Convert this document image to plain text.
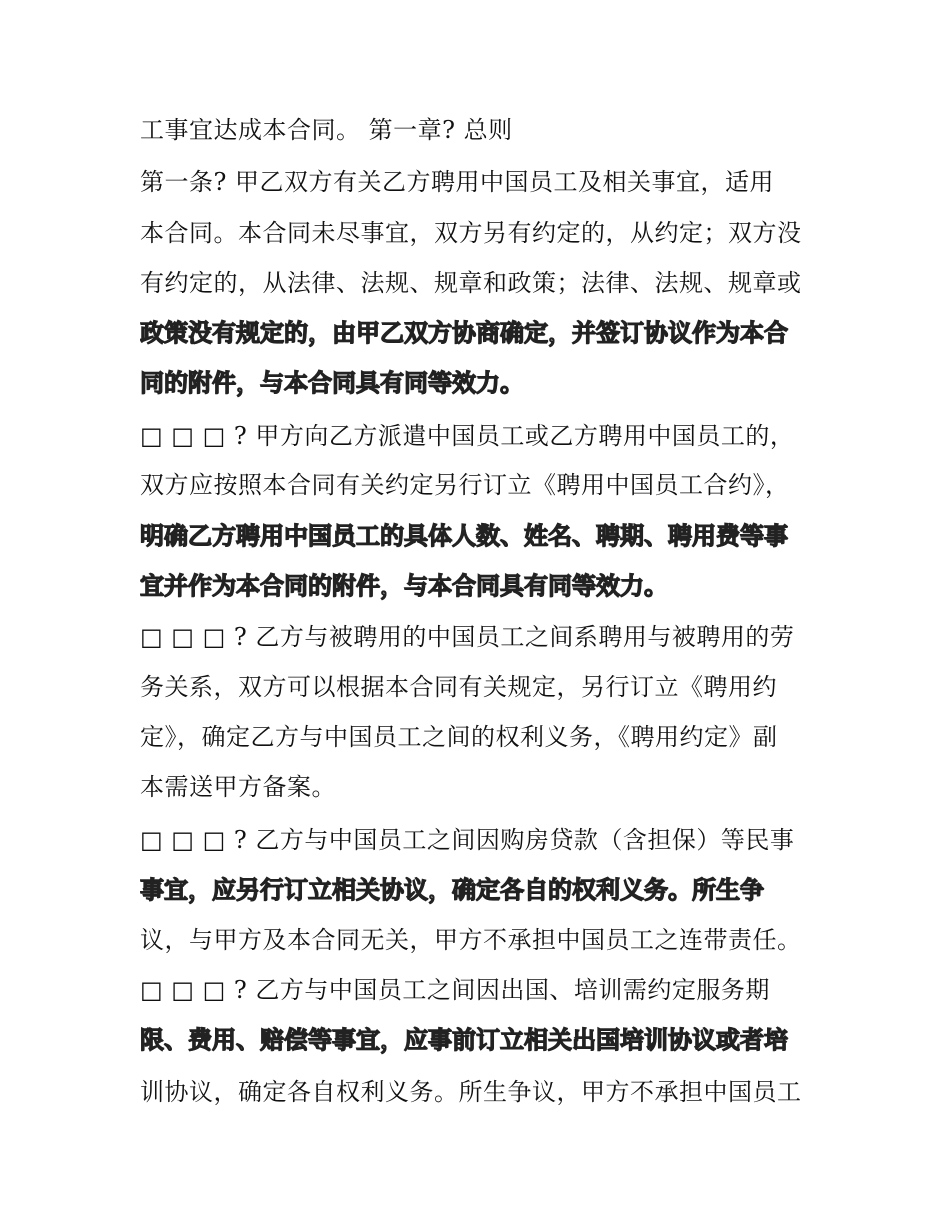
工事宜达成本合同。 第一章? 总则
第一条? 甲乙双方有关乙方聘用中国员工及相关事宜，适用
本合同。本合同未尽事宜，双方另有约定的，从约定；双方没
有约定的，从法律、法规、规章和政策；法律、法规、规章或
政策没有规定的，由甲乙双方协商确定，并签订协议作为本合
同的附件，与本合同具有同等效力。
□ □ □ ? 甲方向乙方派遣中国员工或乙方聘用中国员工的，
双方应按照本合同有关约定另行订立《聘用中国员工合约》，
明确乙方聘用中国员工的具体人数、姓名、聘期、聘用费等事
宜并作为本合同的附件，与本合同具有同等效力。
□ □ □ ? 乙方与被聘用的中国员工之间系聘用与被聘用的劳
务关系，双方可以根据本合同有关规定，另行订立《聘用约
定》，确定乙方与中国员工之间的权利义务，《聘用约定》副
本需送甲方备案。
□ □ □ ? 乙方与中国员工之间因购房贷款（含担保）等民事
事宜，应另行订立相关协议，确定各自的权利义务。所生争
议，与甲方及本合同无关，甲方不承担中国员工之连带责任。
□ □ □ ? 乙方与中国员工之间因出国、培训需约定服务期
限、费用、赔偿等事宜，应事前订立相关出国培训协议或者培
训协议，确定各自权利义务。所生争议，甲方不承担中国员工
